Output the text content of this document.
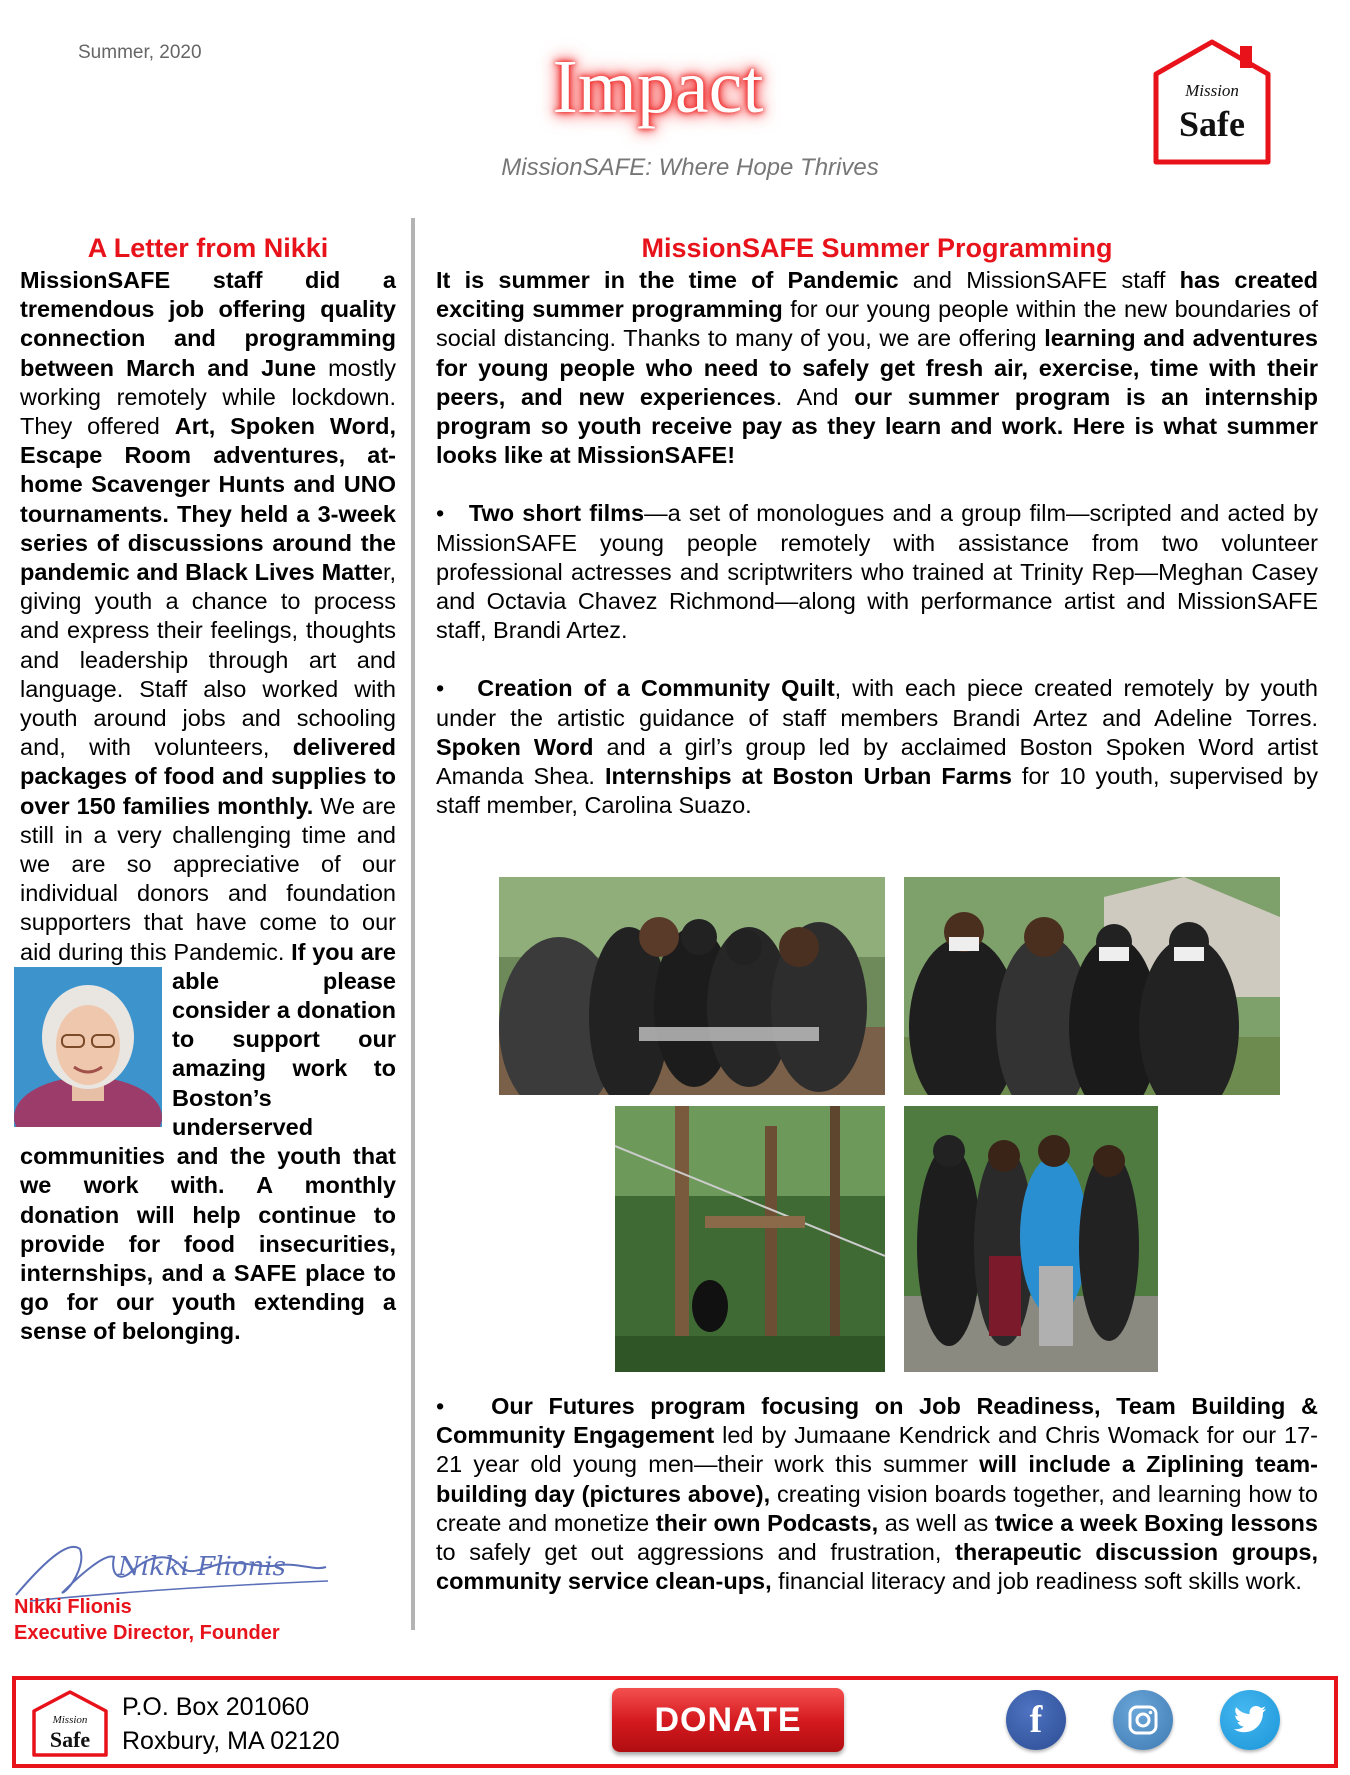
Summer, 2020	Impact
MissionSAFE: Where Hope Thrives
Mission
Safe
A Letter from Nikki

MissionSAFE staff did a tremendous job offering quality connection and programming between March and June mostly working remotely while lockdown. They offered Art, Spoken Word, Escape Room adventures, at-home Scavenger Hunts and UNO tournaments. They held a 3-week series of discussions around the pandemic and Black Lives Matter, giving youth a chance to process and express their feelings, thoughts and leadership through art and language. Staff also worked with youth around jobs and schooling and, with volunteers, delivered packages of food and supplies to over 150 families monthly. We are still in a very challenging time and we are so appreciative of our individual donors and foundation supporters that have come to our aid during this Pandemic.
If you are able please consider a donation to support our amazing work to Boston’s underserved communities and the youth that we work with. A monthly donation will help continue to provide for food insecurities, internships, and a SAFE place to go for our youth extending a sense of belonging.

Nikki Flionis
Nikki Flionis
Executive Director, Founder
MissionSAFE Summer Programming

It is summer in the time of Pandemic and MissionSAFE staff has created exciting summer programming for our young people within the new boundaries of social distancing. Thanks to many of you, we are offering learning and adventures for young people who need to safely get fresh air, exercise, time with their peers, and new experiences. And our summer program is an internship program so youth receive pay as they learn and work. Here is what summer looks like at MissionSAFE!

•   Two short films—a set of monologues and a group film—scripted and acted by MissionSAFE young people remotely with assistance from two volunteer professional actresses and scriptwriters who trained at Trinity Rep—Meghan Casey and Octavia Chavez Richmond—along with performance artist and MissionSAFE staff, Brandi Artez.

•   Creation of a Community Quilt, with each piece created remotely by youth under the artistic guidance of staff members Brandi Artez and Adeline Torres. Spoken Word and a girl’s group led by acclaimed Boston Spoken Word artist Amanda Shea. Internships at Boston Urban Farms for 10 youth, supervised by staff member, Carolina Suazo.

•   Our Futures program focusing on Job Readiness, Team Building & Community Engagement led by Jumaane Kendrick and Chris Womack for our 17-21 year old young men—their work this summer will include a Ziplining team-building day (pictures above), creating vision boards together, and learning how to create and monetize their own Podcasts, as well as twice a week Boxing lessons to safely get out aggressions and frustration, therapeutic discussion groups, community service clean-ups, financial literacy and job readiness soft skills work.

Mission
Safe
P.O. Box 201060
Roxbury, MA 02120
DONATE	f
